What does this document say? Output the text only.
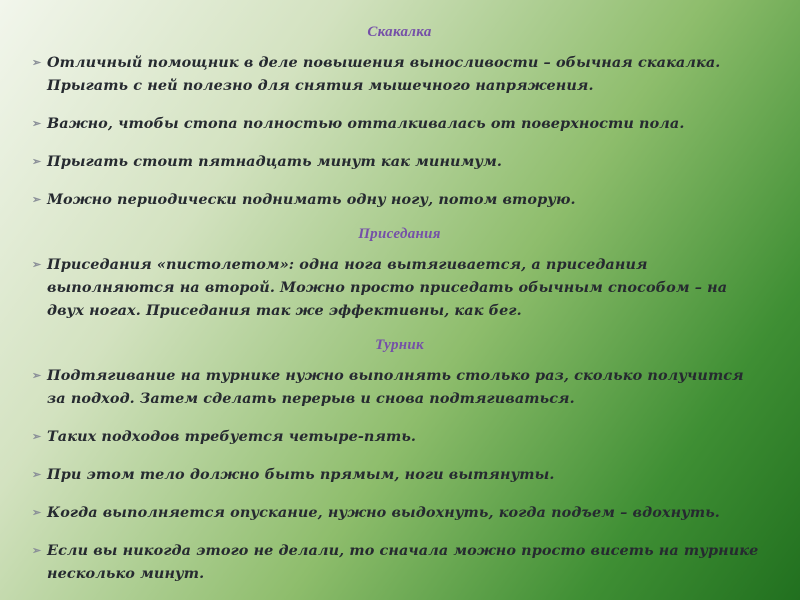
Скакалка
➢ Отличный помощник в деле повышения выносливости – обычная скакалка. Прыгать с ней полезно для снятия мышечного напряжения.
➢ Важно, чтобы стопа полностью отталкивалась от поверхности пола.
➢ Прыгать стоит пятнадцать минут как минимум.
➢ Можно периодически поднимать одну ногу, потом вторую.
Приседания
➢ Приседания «пистолетом»: одна нога вытягивается, а приседания выполняются на второй. Можно просто приседать обычным способом – на двух ногах. Приседания так же эффективны, как бег.
Турник
➢ Подтягивание на турнике нужно выполнять столько раз, сколько получится за подход. Затем сделать перерыв и снова подтягиваться.
➢ Таких подходов требуется четыре-пять.
➢ При этом тело должно быть прямым, ноги вытянуты.
➢ Когда выполняется опускание, нужно выдохнуть, когда подъем – вдохнуть.
➢ Если вы никогда этого не делали, то сначала можно просто висеть на турнике несколько минут.
